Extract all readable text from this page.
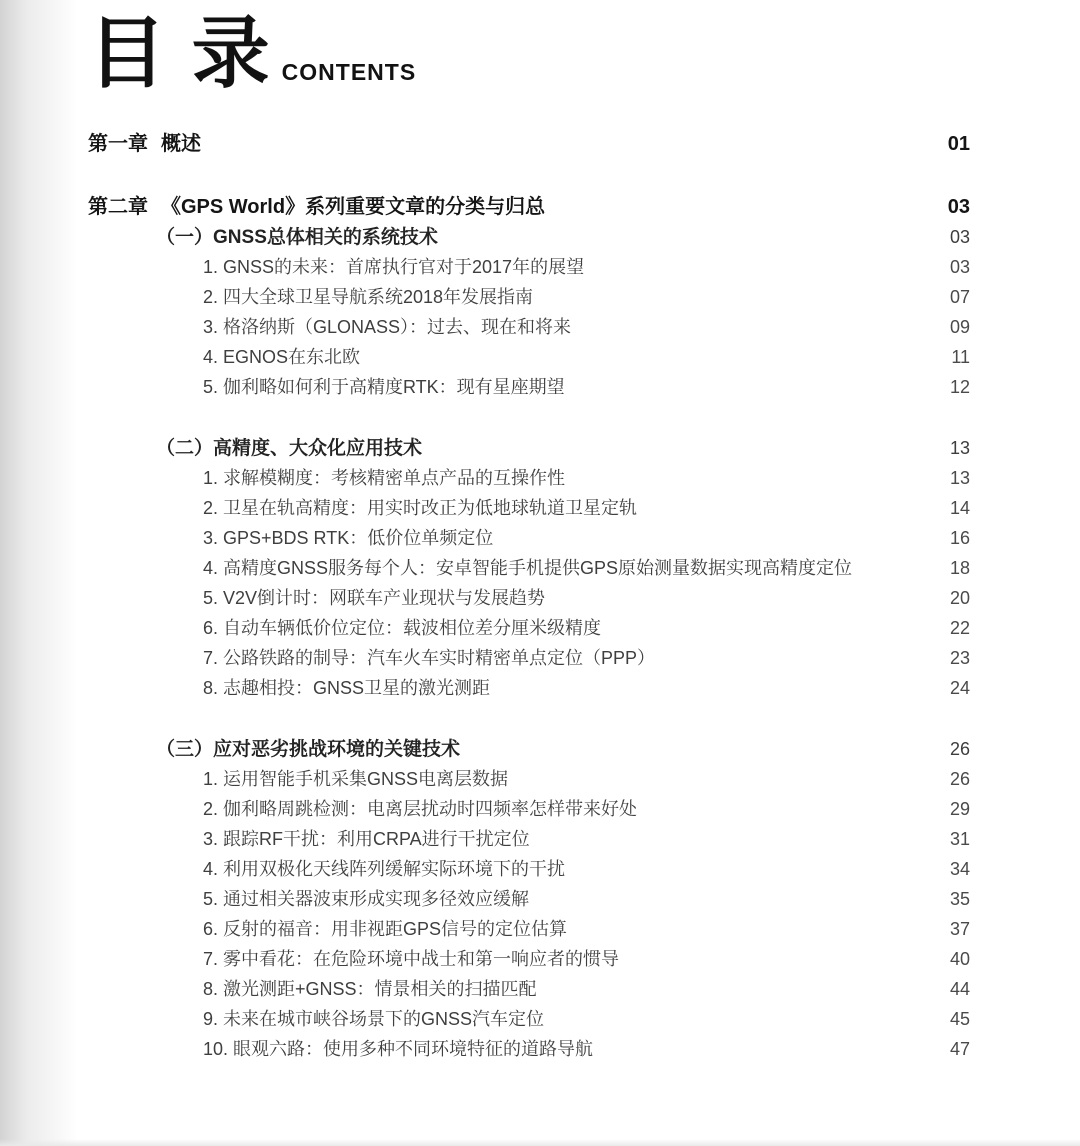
目 录 CONTENTS
第一章 概述	01
第二章 《GPS World》系列重要文章的分类与归总	03
（一） GNSS总体相关的系统技术	03
1. GNSS的未来：首席执行官对于2017年的展望	03
2. 四大全球卫星导航系统2018年发展指南	07
3. 格洛纳斯（GLONASS）：过去、现在和将来	09
4. EGNOS在东北欧	11
5. 伽利略如何利于高精度RTK：现有星座期望	12
（二） 高精度、大众化应用技术	13
1. 求解模糊度：考核精密单点产品的互操作性	13
2. 卫星在轨高精度：用实时改正为低地球轨道卫星定轨	14
3. GPS+BDS RTK：低价位单频定位	16
4. 高精度GNSS服务每个人：安卓智能手机提供GPS原始测量数据实现高精度定位	18
5. V2V倒计时：网联车产业现状与发展趋势	20
6. 自动车辆低价位定位：载波相位差分厘米级精度	22
7. 公路铁路的制导：汽车火车实时精密单点定位（PPP）	23
8. 志趣相投：GNSS卫星的激光测距	24
（三） 应对恶劣挑战环境的关键技术	26
1. 运用智能手机采集GNSS电离层数据	26
2. 伽利略周跳检测：电离层扰动时四频率怎样带来好处	29
3. 跟踪RF干扰：利用CRPA进行干扰定位	31
4. 利用双极化天线阵列缓解实际环境下的干扰	34
5. 通过相关器波束形成实现多径效应缓解	35
6. 反射的福音：用非视距GPS信号的定位估算	37
7. 雾中看花：在危险环境中战士和第一响应者的惯导	40
8. 激光测距+GNSS：情景相关的扫描匹配	44
9. 未来在城市峡谷场景下的GNSS汽车定位	45
10. 眼观六路：使用多种不同环境特征的道路导航	47
